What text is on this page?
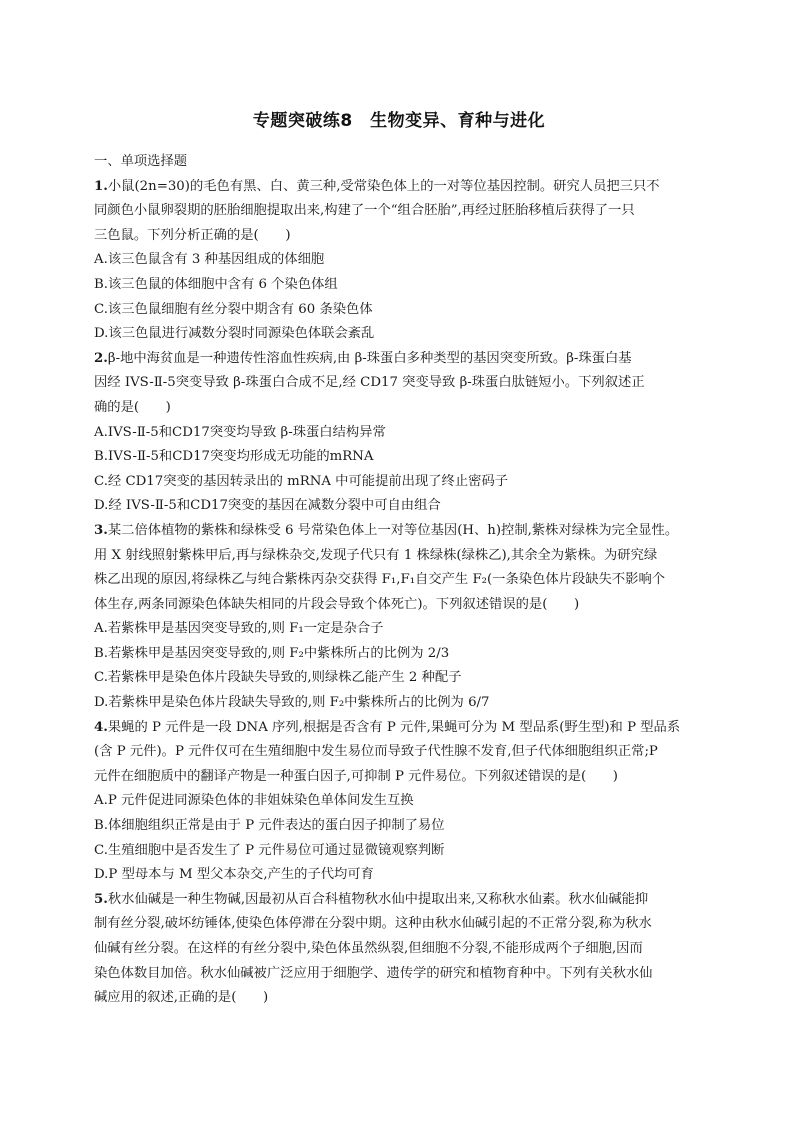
专题突破练8　生物变异、育种与进化
一、单项选择题
1.小鼠(2n=30)的毛色有黑、白、黄三种,受常染色体上的一对等位基因控制。研究人员把三只不
同颜色小鼠卵裂期的胚胎细胞提取出来,构建了一个“组合胚胎”,再经过胚胎移植后获得了一只
三色鼠。下列分析正确的是(　　)
A.该三色鼠含有 3 种基因组成的体细胞
B.该三色鼠的体细胞中含有 6 个染色体组
C.该三色鼠细胞有丝分裂中期含有 60 条染色体
D.该三色鼠进行减数分裂时同源染色体联会紊乱
2.β-地中海贫血是一种遗传性溶血性疾病,由 β-珠蛋白多种类型的基因突变所致。β-珠蛋白基
因经 IVS-Ⅱ-5突变导致 β-珠蛋白合成不足,经 CD17 突变导致 β-珠蛋白肽链短小。下列叙述正
确的是(　　)
A.IVS-Ⅱ-5和CD17突变均导致 β-珠蛋白结构异常
B.IVS-Ⅱ-5和CD17突变均形成无功能的mRNA
C.经 CD17突变的基因转录出的 mRNA 中可能提前出现了终止密码子
D.经 IVS-Ⅱ-5和CD17突变的基因在减数分裂中可自由组合
3.某二倍体植物的紫株和绿株受 6 号常染色体上一对等位基因(H、h)控制,紫株对绿株为完全显性。
用 X 射线照射紫株甲后,再与绿株杂交,发现子代只有 1 株绿株(绿株乙),其余全为紫株。为研究绿
株乙出现的原因,将绿株乙与纯合紫株丙杂交获得 F₁,F₁自交产生 F₂(一条染色体片段缺失不影响个
体生存,两条同源染色体缺失相同的片段会导致个体死亡)。下列叙述错误的是(　　)
A.若紫株甲是基因突变导致的,则 F₁一定是杂合子
B.若紫株甲是基因突变导致的,则 F₂中紫株所占的比例为 2/3
C.若紫株甲是染色体片段缺失导致的,则绿株乙能产生 2 种配子
D.若紫株甲是染色体片段缺失导致的,则 F₂中紫株所占的比例为 6/7
4.果蝇的 P 元件是一段 DNA 序列,根据是否含有 P 元件,果蝇可分为 M 型品系(野生型)和 P 型品系
(含 P 元件)。P 元件仅可在生殖细胞中发生易位而导致子代性腺不发育,但子代体细胞组织正常;P
元件在细胞质中的翻译产物是一种蛋白因子,可抑制 P 元件易位。下列叙述错误的是(　　)
A.P 元件促进同源染色体的非姐妹染色单体间发生互换
B.体细胞组织正常是由于 P 元件表达的蛋白因子抑制了易位
C.生殖细胞中是否发生了 P 元件易位可通过显微镜观察判断
D.P 型母本与 M 型父本杂交,产生的子代均可育
5.秋水仙碱是一种生物碱,因最初从百合科植物秋水仙中提取出来,又称秋水仙素。秋水仙碱能抑
制有丝分裂,破坏纺锤体,使染色体停滞在分裂中期。这种由秋水仙碱引起的不正常分裂,称为秋水
仙碱有丝分裂。在这样的有丝分裂中,染色体虽然纵裂,但细胞不分裂,不能形成两个子细胞,因而
染色体数目加倍。秋水仙碱被广泛应用于细胞学、遗传学的研究和植物育种中。下列有关秋水仙
碱应用的叙述,正确的是(　　)
